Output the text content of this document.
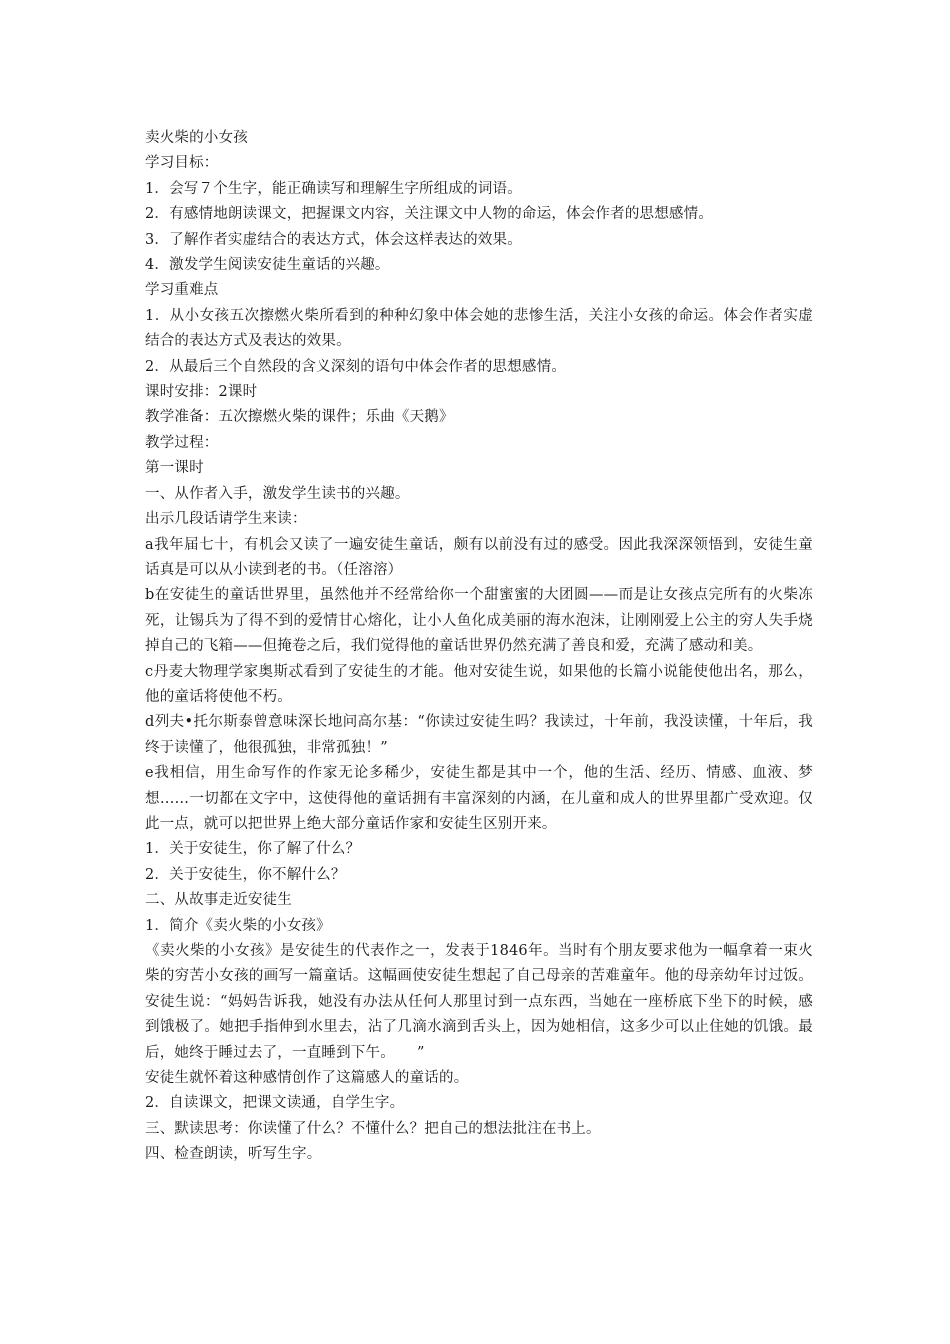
卖火柴的小女孩

学习目标：

1．会写７个生字，能正确读写和理解生字所组成的词语。

2．有感情地朗读课文，把握课文内容，关注课文中人物的命运，体会作者的思想感情。

3．了解作者实虚结合的表达方式，体会这样表达的效果。

4．激发学生阅读安徒生童话的兴趣。

学习重难点

1．从小女孩五次擦燃火柴所看到的种种幻象中体会她的悲惨生活，关注小女孩的命运。体会作者实虚结合的表达方式及表达的效果。

2．从最后三个自然段的含义深刻的语句中体会作者的思想感情。

课时安排：2课时

教学准备：五次擦燃火柴的课件；乐曲《天鹅》

教学过程：

第一课时

一、从作者入手，激发学生读书的兴趣。

出示几段话请学生来读：

a我年届七十，有机会又读了一遍安徒生童话，颇有以前没有过的感受。因此我深深领悟到，安徒生童话真是可以从小读到老的书。（任溶溶）

b在安徒生的童话世界里，虽然他并不经常给你一个甜蜜蜜的大团圆——而是让女孩点完所有的火柴冻死，让锡兵为了得不到的爱情甘心熔化，让小人鱼化成美丽的海水泡沫，让刚刚爱上公主的穷人失手烧掉自己的飞箱——但掩卷之后，我们觉得他的童话世界仍然充满了善良和爱，充满了感动和美。

c丹麦大物理学家奥斯忒看到了安徒生的才能。他对安徒生说，如果他的长篇小说能使他出名，那么，他的童话将使他不朽。

d列夫•托尔斯泰曾意味深长地问高尔基：“你读过安徒生吗？我读过，十年前，我没读懂，十年后，我终于读懂了，他很孤独，非常孤独！”

e我相信，用生命写作的作家无论多稀少，安徒生都是其中一个，他的生活、经历、情感、血液、梦想……一切都在文字中，这使得他的童话拥有丰富深刻的内涵，在儿童和成人的世界里都广受欢迎。仅此一点，就可以把世界上绝大部分童话作家和安徒生区别开来。

1．关于安徒生，你了解了什么？

2．关于安徒生，你不解什么？

二、从故事走近安徒生

1．简介《卖火柴的小女孩》

《卖火柴的小女孩》是安徒生的代表作之一，发表于1846年。当时有个朋友要求他为一幅拿着一束火柴的穷苦小女孩的画写一篇童话。这幅画使安徒生想起了自己母亲的苦难童年。他的母亲幼年讨过饭。安徒生说：“妈妈告诉我，她没有办法从任何人那里讨到一点东西，当她在一座桥底下坐下的时候，感到饿极了。她把手指伸到水里去，沾了几滴水滴到舌头上，因为她相信，这多少可以止住她的饥饿。最后，她终于睡过去了，一直睡到下午。　　”

安徒生就怀着这种感情创作了这篇感人的童话的。

2．自读课文，把课文读通，自学生字。

三、默读思考：你读懂了什么？不懂什么？把自己的想法批注在书上。

四、检查朗读，听写生字。
